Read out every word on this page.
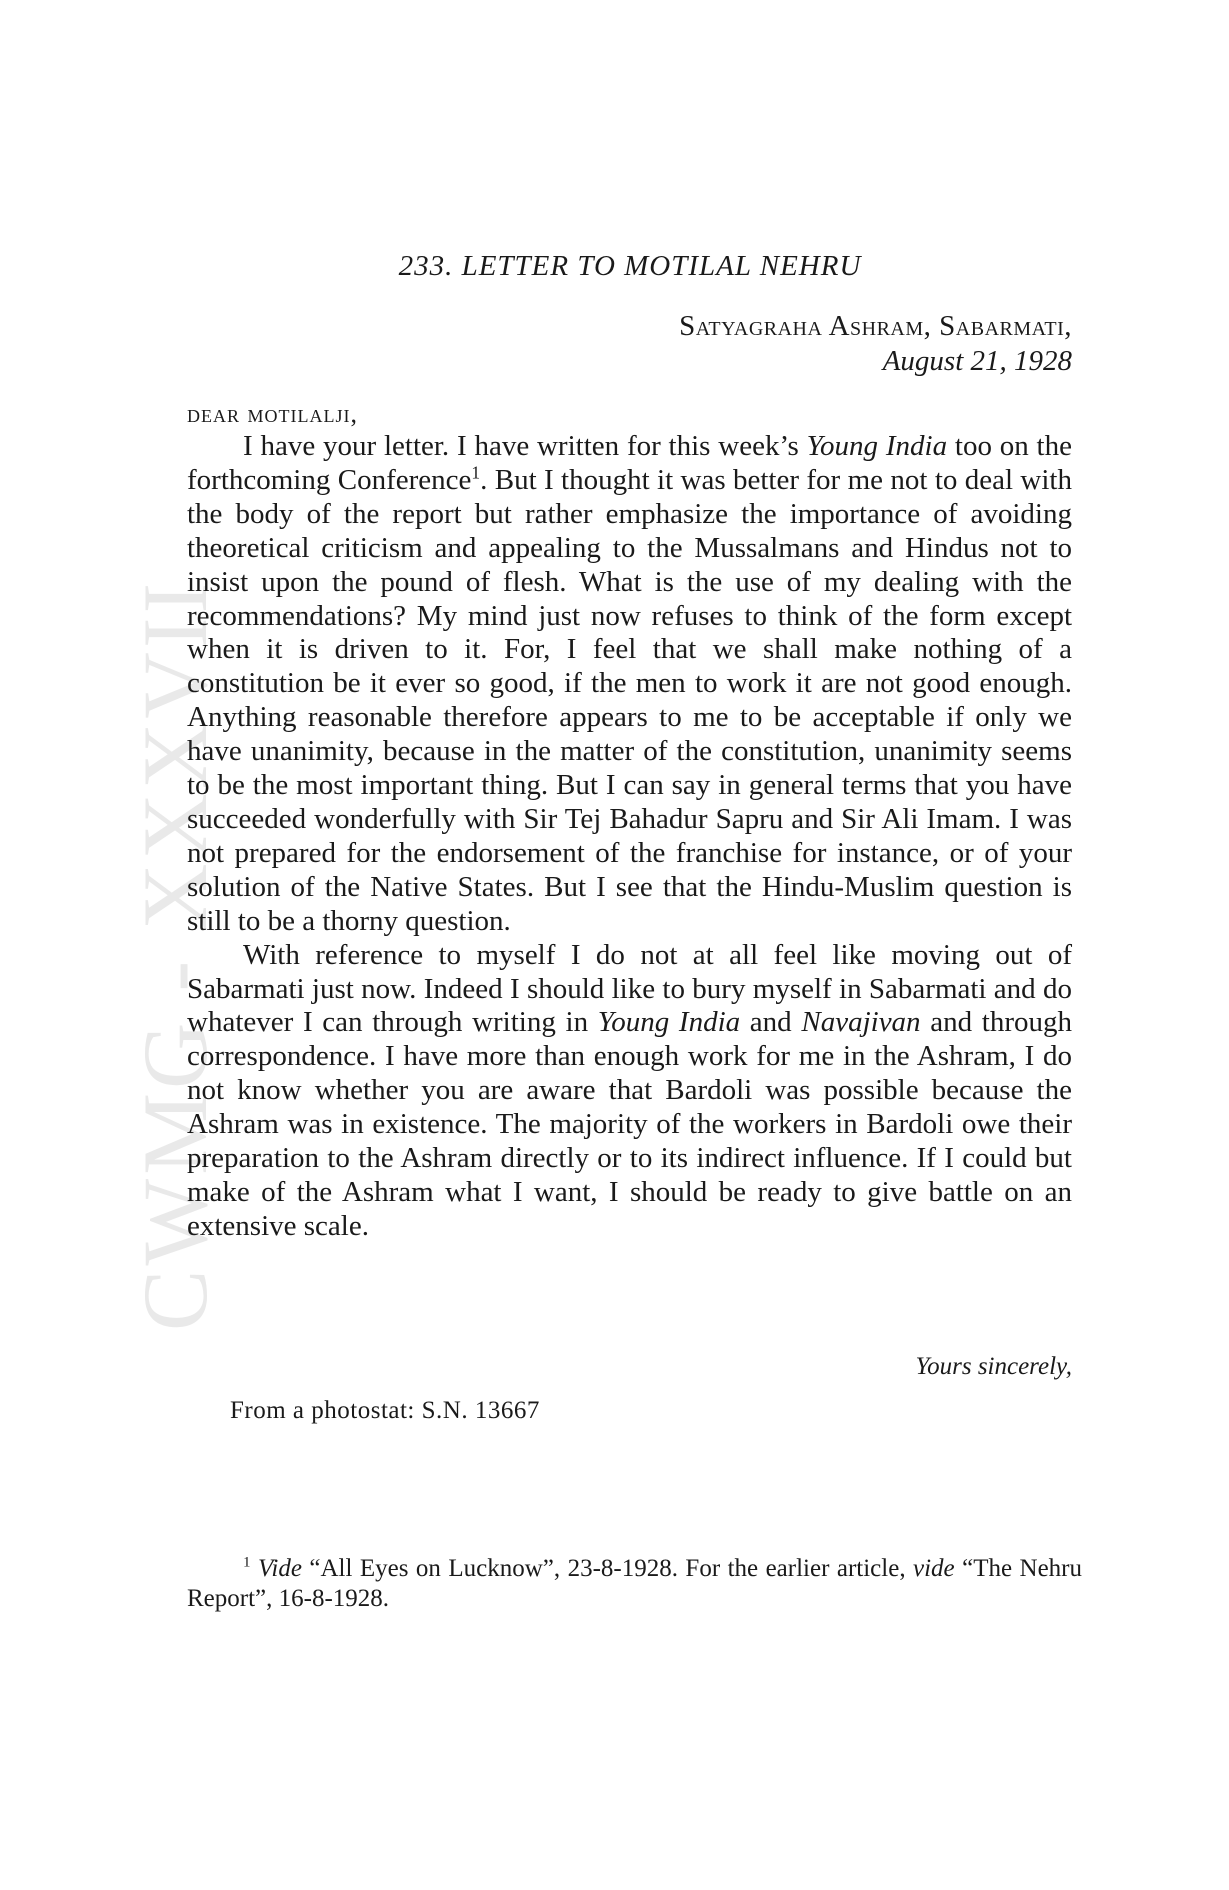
CWMG - XXXVII
233. LETTER TO MOTILAL NEHRU
Satyagraha Ashram, Sabarmati,
August 21, 1928
dear motilalji,

I have your letter. I have written for this week’s Young India too on the forthcoming Conference$^1$. But I thought it was better for me not to deal with the body of the report but rather emphasize the importance of avoiding theoretical criticism and appealing to the Mussalmans and Hindus not to insist upon the pound of flesh. What is the use of my dealing with the recommendations? My mind just now refuses to think of the form except when it is driven to it. For, I feel that we shall make nothing of a constitution be it ever so good, if the men to work it are not good enough. Anything reasonable therefore appears to me to be acceptable if only we have unanimity, because in the matter of the constitution, unanimity seems to be the most important thing. But I can say in general terms that you have succeeded wonderfully with Sir Tej Bahadur Sapru and Sir Ali Imam. I was not prepared for the endorsement of the franchise for instance, or of your solution of the Native States. But I see that the Hindu-Muslim question is still to be a thorny question.

With reference to myself I do not at all feel like moving out of Sabarmati just now. Indeed I should like to bury myself in Sabarmati and do whatever I can through writing in Young India and Navajivan and through correspondence. I have more than enough work for me in the Ashram, I do not know whether you are aware that Bardoli was possible because the Ashram was in existence. The majority of the workers in Bardoli owe their preparation to the Ashram directly or to its indirect influence. If I could but make of the Ashram what I want, I should be ready to give battle on an extensive scale.

Yours sincerely,
From a photostat: S.N. 13667

$^1$ Vide “All Eyes on Lucknow”, 23-8-1928. For the earlier article, vide “The Nehru Report”, 16-8-1928.
